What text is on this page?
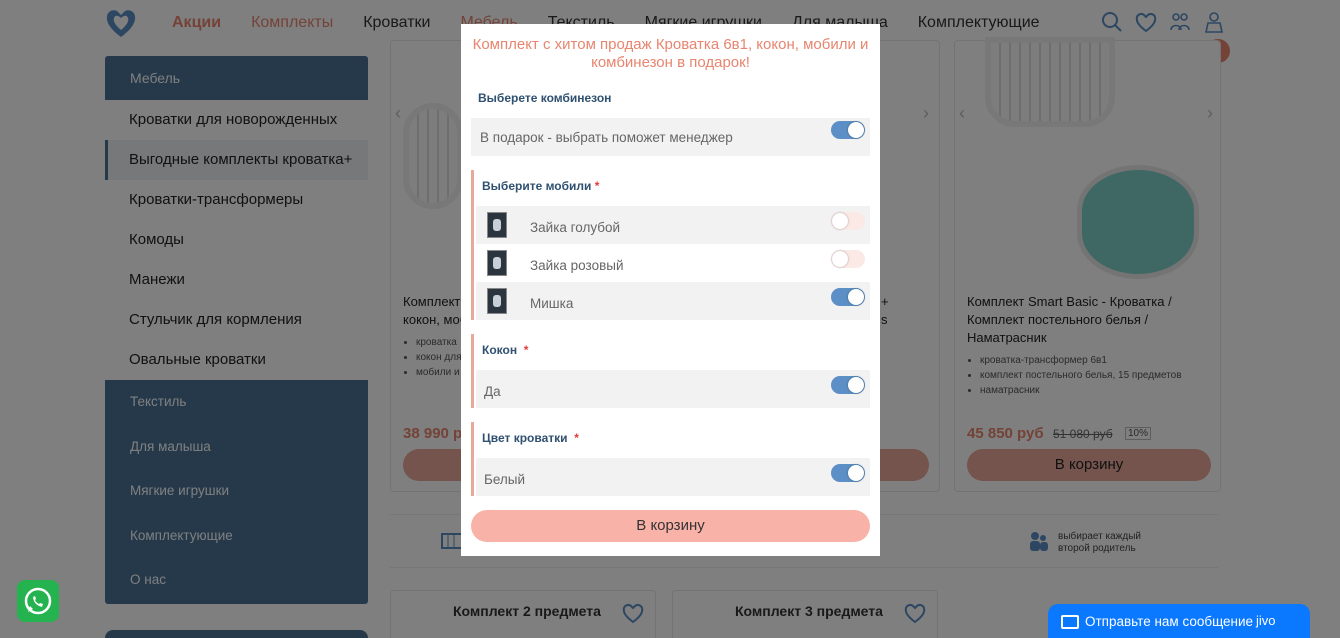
•
•
•
•
•
•
Комплект с хитом продаж Кроватка 6в1, кокон, мобили и комбинезон в подарок!
Выберете комбинезон
В подарок - выбрать поможет менеджер
Выберите мобили *
Зайка голубой
Зайка розовый
Мишка
Кокон *
Да
Цвет кроватки *
Белый
В корзину
Отправьте нам сообщение jivo
